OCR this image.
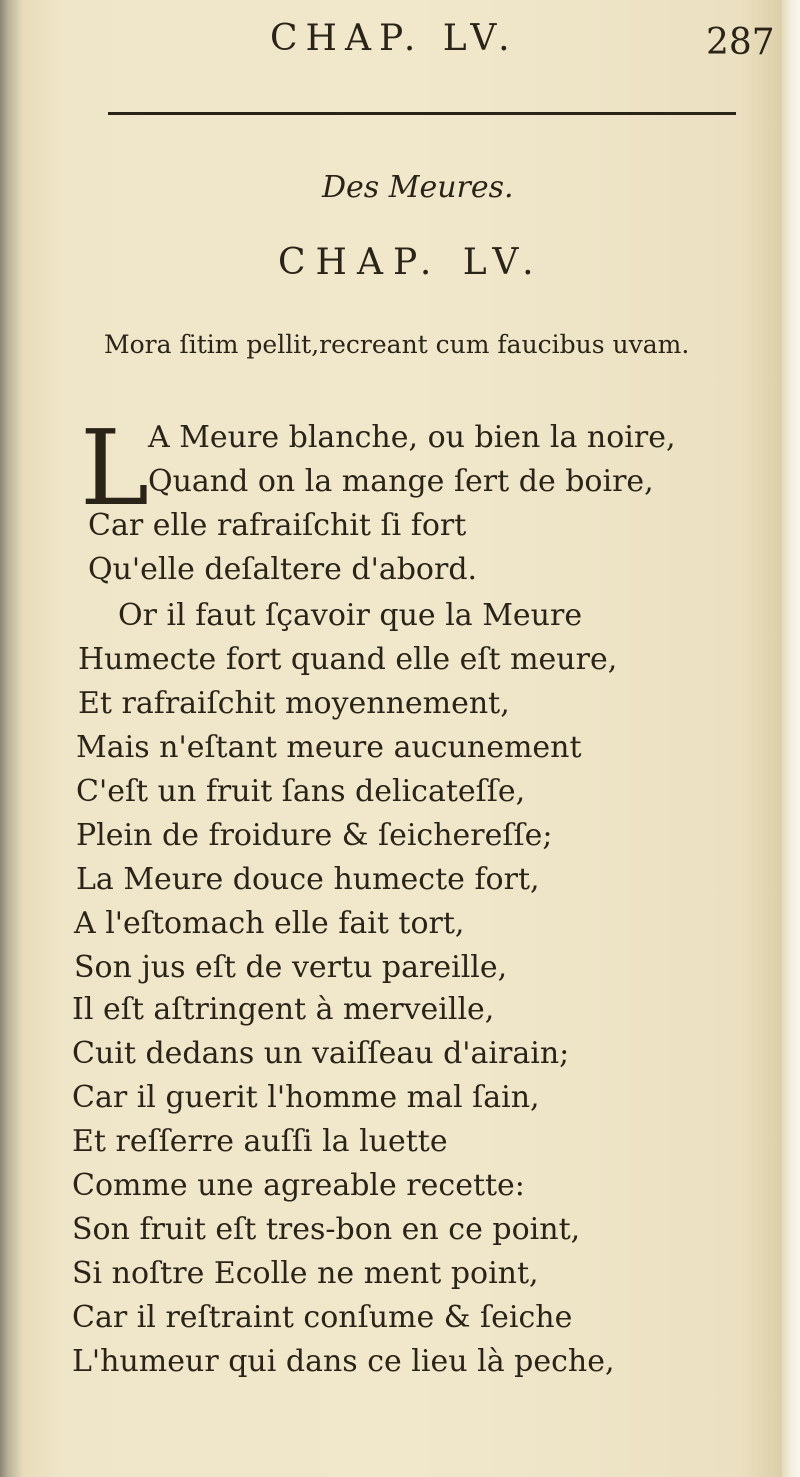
CHAP. LV.	287
Des Meures.
CHAP. LV.
Mora ſitim pellit,recreant cum faucibus uvam.
L
A Meure blanche, ou bien la noire,
Quand on la mange ſert de boire,
Car elle rafraiſchit ſi fort
Qu'elle deſaltere d'abord.
Or il faut ſçavoir que la Meure
Humecte fort quand elle eſt meure,
Et rafraiſchit moyennement,
Mais n'eſtant meure aucunement
C'eſt un fruit ſans delicateſſe,
Plein de froidure & ſeichereſſe;
La Meure douce humecte fort,
A l'eſtomach elle fait tort,
Son jus eſt de vertu pareille,
Il eſt aſtringent à merveille,
Cuit dedans un vaiſſeau d'airain;
Car il guerit l'homme mal ſain,
Et reſſerre auſſi la luette
Comme une agreable recette:
Son fruit eſt tres-bon en ce point,
Si noſtre Ecolle ne ment point,
Car il reſtraint conſume & ſeiche
L'humeur qui dans ce lieu là peche,
